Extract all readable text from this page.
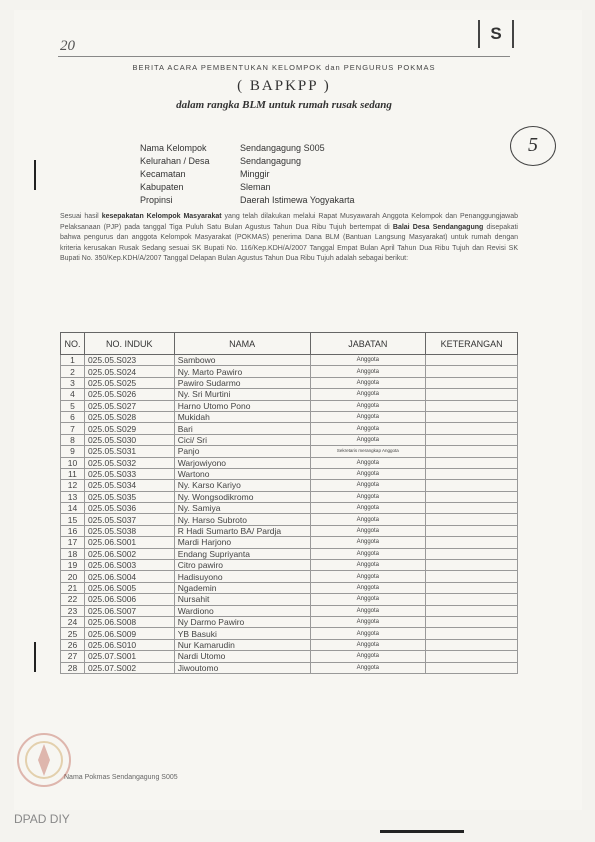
20
S
BERITA ACARA PEMBENTUKAN KELOMPOK dan PENGURUS POKMAS
( BAPKPP )
dalam rangka BLM untuk rumah rusak sedang
5
Nama Kelompok	Sendangagung S005
Kelurahan / Desa	Sendangagung
Kecamatan	Minggir
Kabupaten	Sleman
Propinsi	Daerah Istimewa Yogyakarta
Sesuai hasil kesepakatan Kelompok Masyarakat yang telah dilakukan melalui Rapat Musyawarah Anggota Kelompok dan Penanggungjawab Pelaksanaan (PJP) pada tanggal Tiga Puluh Satu Bulan Agustus Tahun Dua Ribu Tujuh bertempat di Balai Desa Sendangagung disepakati bahwa pengurus dan anggota Kelompok Masyarakat (POKMAS) penerima Dana BLM (Bantuan Langsung Masyarakat) untuk rumah dengan kriteria kerusakan Rusak Sedang sesuai SK Bupati No. 116/Kep.KDH/A/2007 Tanggal Empat Bulan April Tahun Dua Ribu Tujuh dan Revisi SK Bupati No. 350/Kep.KDH/A/2007 Tanggal Delapan Bulan Agustus Tahun Dua Ribu Tujuh adalah sebagai berikut:
NO.	NO. INDUK	NAMA	JABATAN	KETERANGAN
1	025.05.S023	Sambowo	Anggota	
2	025.05.S024	Ny. Marto Pawiro	Anggota	
3	025.05.S025	Pawiro Sudarmo	Anggota	
4	025.05.S026	Ny. Sri Murtini	Anggota	
5	025.05.S027	Harno Utomo Pono	Anggota	
6	025.05.S028	Mukidah	Anggota	
7	025.05.S029	Bari	Anggota	
8	025.05.S030	Cici/ Sri	Anggota	
9	025.05.S031	Panjo	Sekretaris merangkap Anggota	
10	025.05.S032	Warjowiyono	Anggota	
11	025.05.S033	Wartono	Anggota	
12	025.05.S034	Ny. Karso Kariyo	Anggota	
13	025.05.S035	Ny. Wongsodikromo	Anggota	
14	025.05.S036	Ny. Samiya	Anggota	
15	025.05.S037	Ny. Harso Subroto	Anggota	
16	025.05.S038	R Hadi Sumarto BA/ Pardja	Anggota	
17	025.06.S001	Mardi Harjono	Anggota	
18	025.06.S002	Endang Supriyanta	Anggota	
19	025.06.S003	Citro pawiro	Anggota	
20	025.06.S004	Hadisuyono	Anggota	
21	025.06.S005	Ngademin	Anggota	
22	025.06.S006	Nursahit	Anggota	
23	025.06.S007	Wardiono	Anggota	
24	025.06.S008	Ny Darmo Pawiro	Anggota	
25	025.06.S009	YB Basuki	Anggota	
26	025.06.S010	Nur Kamarudin	Anggota	
27	025.07.S001	Nardi Utomo	Anggota	
28	025.07.S002	Jiwoutomo	Anggota	
Nama Pokmas Sendangagung S005
DPAD DIY
